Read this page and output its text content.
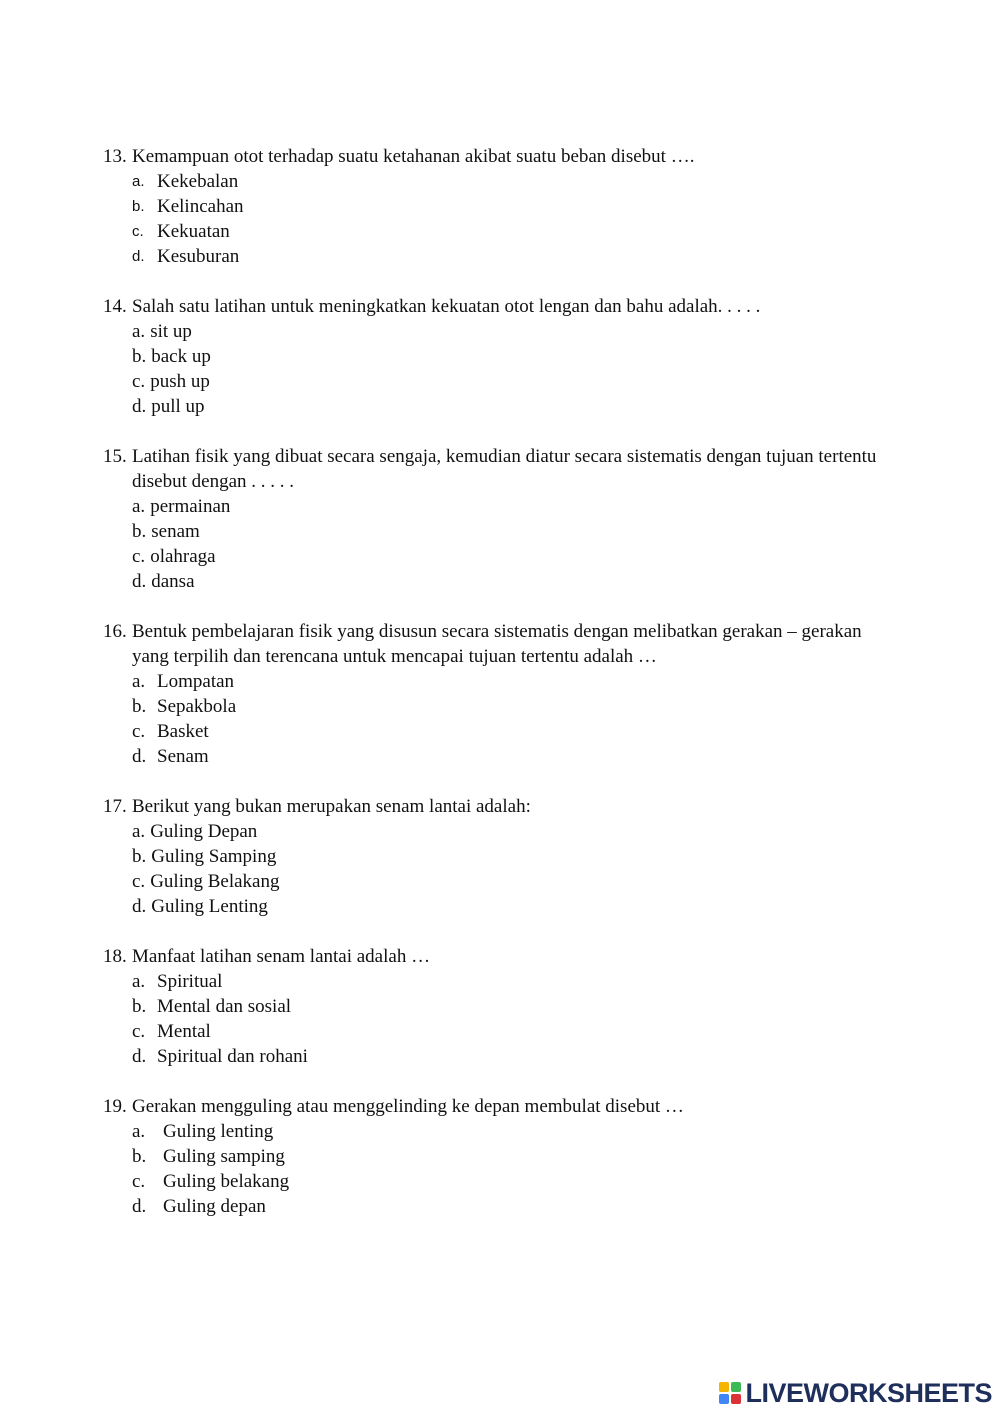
13. Kemampuan otot terhadap suatu ketahanan akibat suatu beban disebut ….
a. Kekebalan
b. Kelincahan
c. Kekuatan
d. Kesuburan
14. Salah satu latihan untuk meningkatkan kekuatan otot lengan dan bahu adalah. . . . .
a. sit up
b. back up
c. push up
d. pull up
15. Latihan fisik yang dibuat secara sengaja, kemudian diatur secara sistematis dengan tujuan tertentu disebut dengan . . . . .
a. permainan
b. senam
c. olahraga
d. dansa
16. Bentuk pembelajaran fisik yang disusun secara sistematis dengan melibatkan gerakan – gerakan yang terpilih dan terencana untuk mencapai tujuan tertentu adalah …
a. Lompatan
b. Sepakbola
c. Basket
d. Senam
17. Berikut yang bukan merupakan senam lantai adalah:
a. Guling Depan
b. Guling Samping
c. Guling Belakang
d. Guling Lenting
18. Manfaat latihan senam lantai adalah …
a. Spiritual
b. Mental dan sosial
c. Mental
d. Spiritual dan rohani
19. Gerakan mengguling atau menggelinding ke depan membulat disebut …
a. Guling lenting
b. Guling samping
c. Guling belakang
d. Guling depan
LIVEWORKSHEETS
